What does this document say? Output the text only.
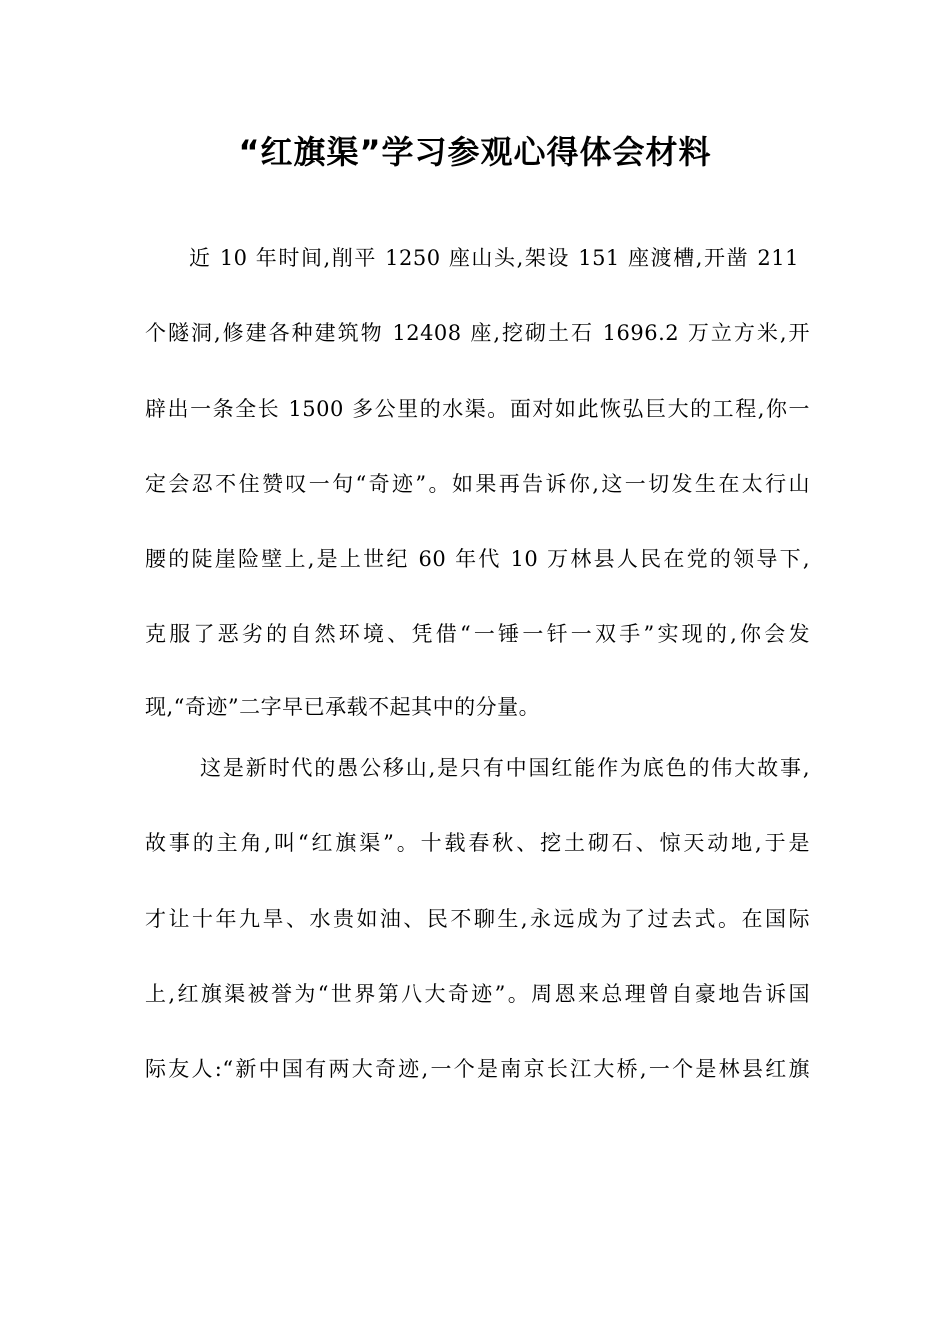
“红旗渠”学习参观心得体会材料
近 10 年时间,削平 1250 座山头,架设 151 座渡槽,开凿 211
个隧洞,修建各种建筑物 12408 座,挖砌土石 1696.2 万立方米,开
辟出一条全长 1500 多公里的水渠。面对如此恢弘巨大的工程,你一
定会忍不住赞叹一句“奇迹”。如果再告诉你,这一切发生在太行山
腰的陡崖险壁上,是上世纪 60 年代 10 万林县人民在党的领导下,
克服了恶劣的自然环境、凭借“一锤一钎一双手”实现的,你会发
现,“奇迹”二字早已承载不起其中的分量。
这是新时代的愚公移山,是只有中国红能作为底色的伟大故事,
故事的主角,叫“红旗渠”。十载春秋、挖土砌石、惊天动地,于是
才让十年九旱、水贵如油、民不聊生,永远成为了过去式。在国际
上,红旗渠被誉为“世界第八大奇迹”。周恩来总理曾自豪地告诉国
际友人:“新中国有两大奇迹,一个是南京长江大桥,一个是林县红旗
